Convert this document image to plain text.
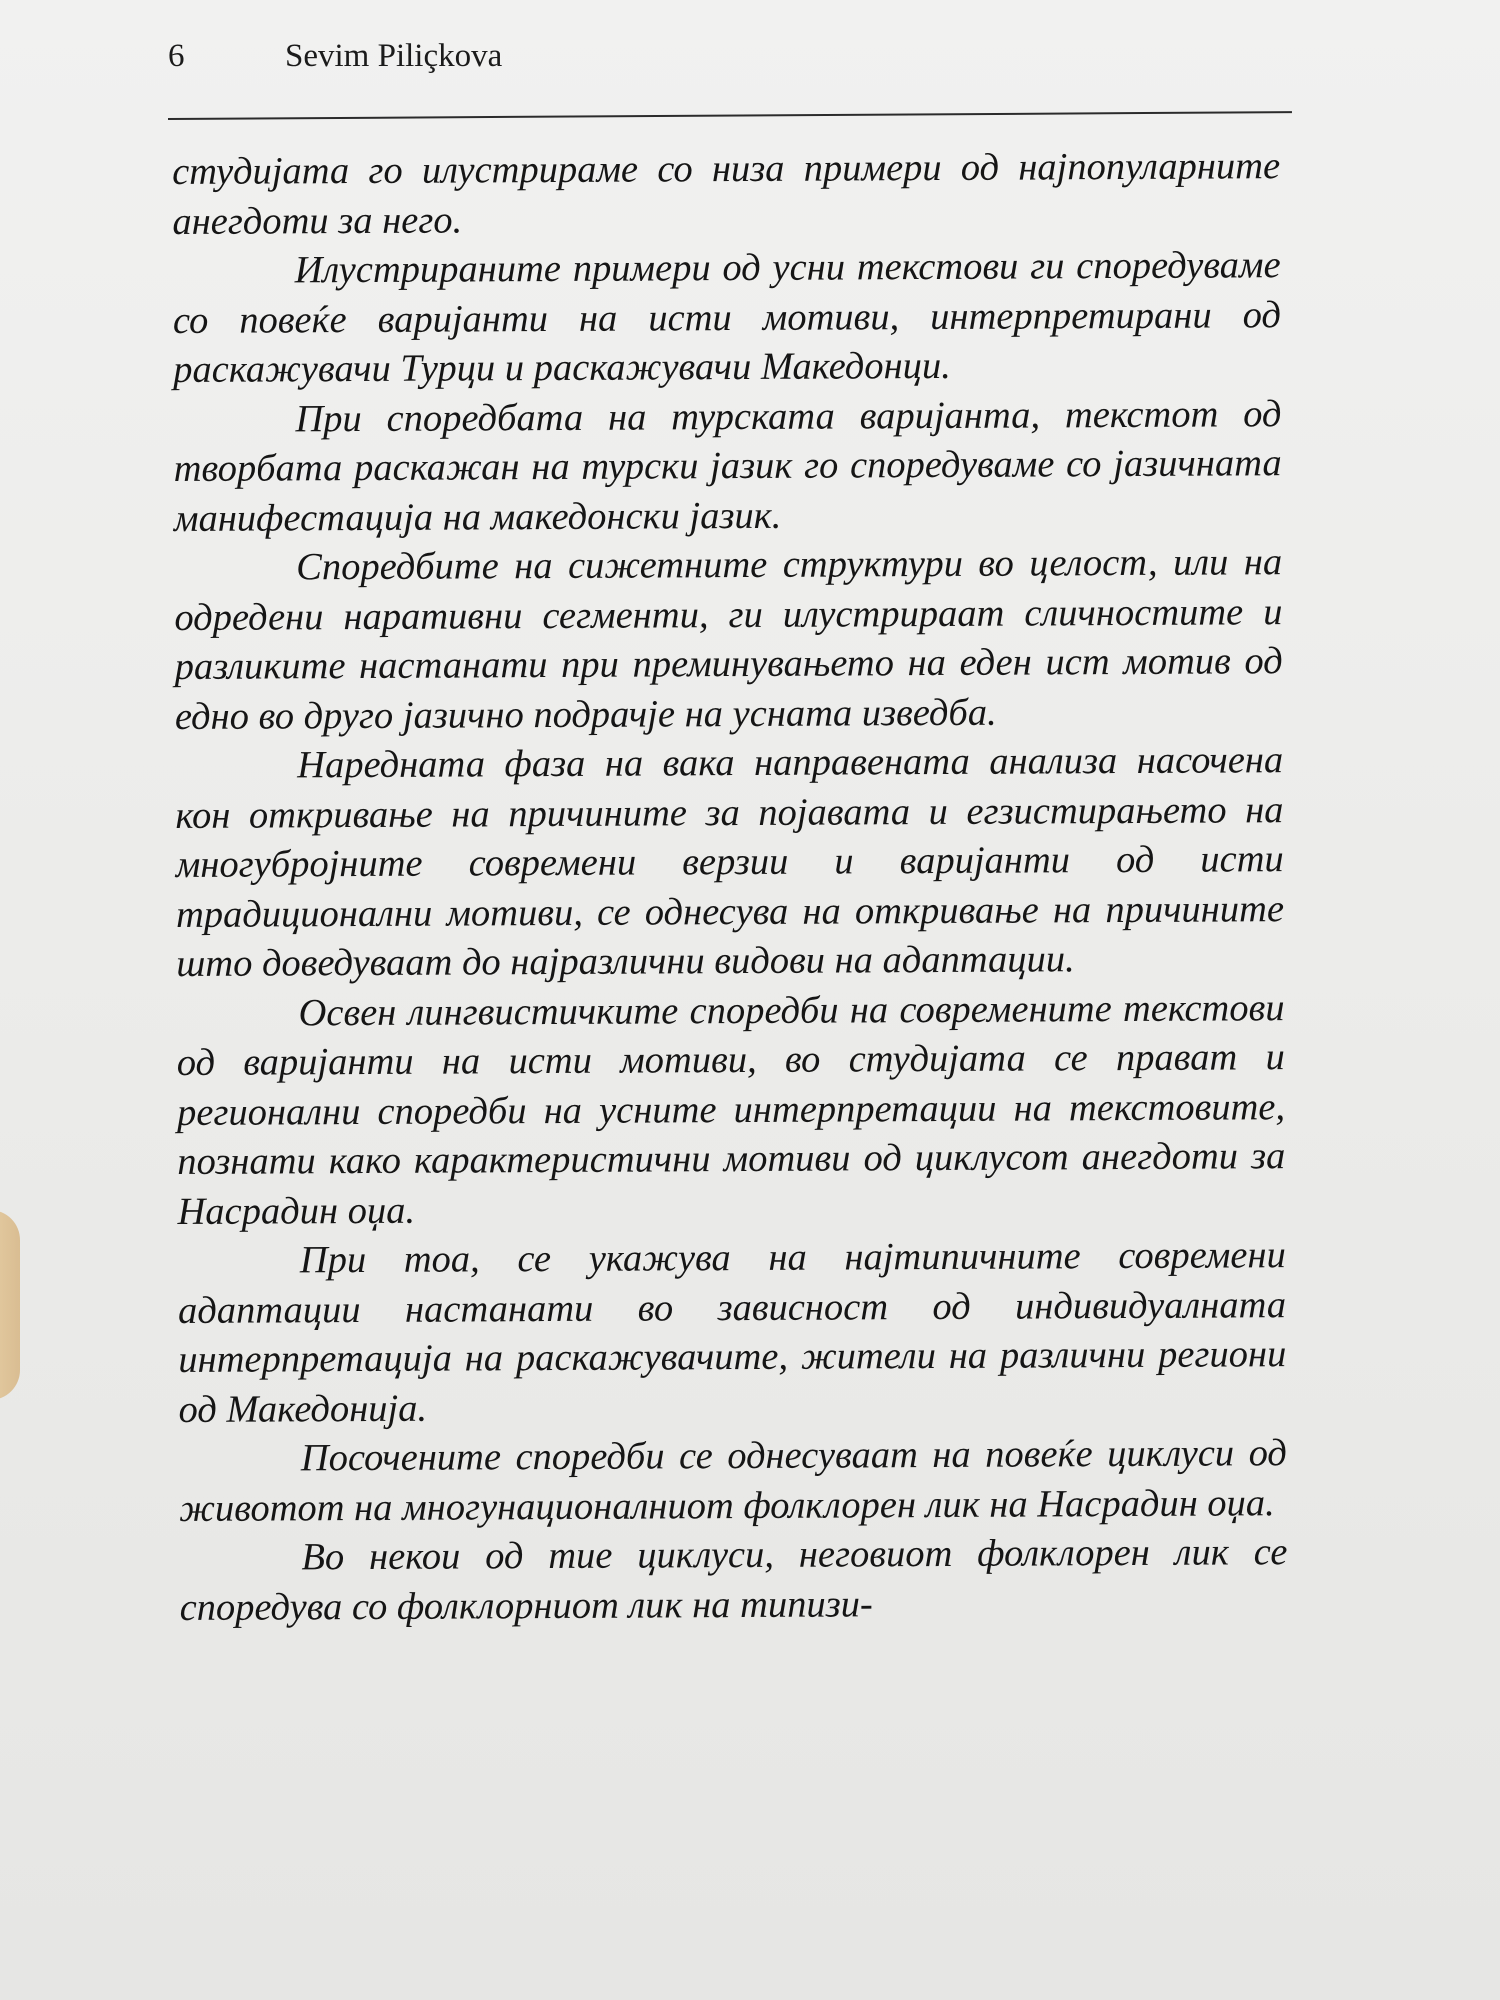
6	Sevim Piliçkova

студијата го илустрираме со низа примери од најпопуларните анегдоти за него.

Илустрираните примери од усни текстови ги споредуваме со повеќе варијанти на исти мотиви, интерпретирани од раскажувачи Турци и раскажувачи Македонци.

При споредбата на турската варијанта, текстот од творбата раскажан на турски јазик го споредуваме со јазичната манифестација на македонски јазик.

Споредбите на сижетните структури во целост, или на одредени наративни сегменти, ги илустрираат сличностите и разликите настанати при преминувањето на еден ист мотив од едно во друго јазично подрачје на уснатa изведба.

Наредната фаза на вака направената анализа насочена кон откривање на причините за појавата и егзистирањето на многубројните современи верзии и варијанти од исти традиционални мотиви, се однесува на откривање на причините што доведуваат до најразлични видови на адаптации.

Освен лингвистичките споредби на современите текстови од варијанти на исти мотиви, во студијата се прават и регионални споредби на усните интерпретации на текстовите, познати како карактеристични мотиви од циклусот анегдоти за Насрадин оџа.

При тоа, се укажува на најтипичните современи адаптации настанати во зависност од индивидуалната интерпретација на раскажувачите, жители на различни региони од Македонија.

Посочените споредби се однесуваат на повеќе циклуси од животот на многунационалниот фолклорен лик на Насрадин оџа.

Во некои од тие циклуси, неговиот фолклорен лик се споредува со фолклорниот лик на типизи-
